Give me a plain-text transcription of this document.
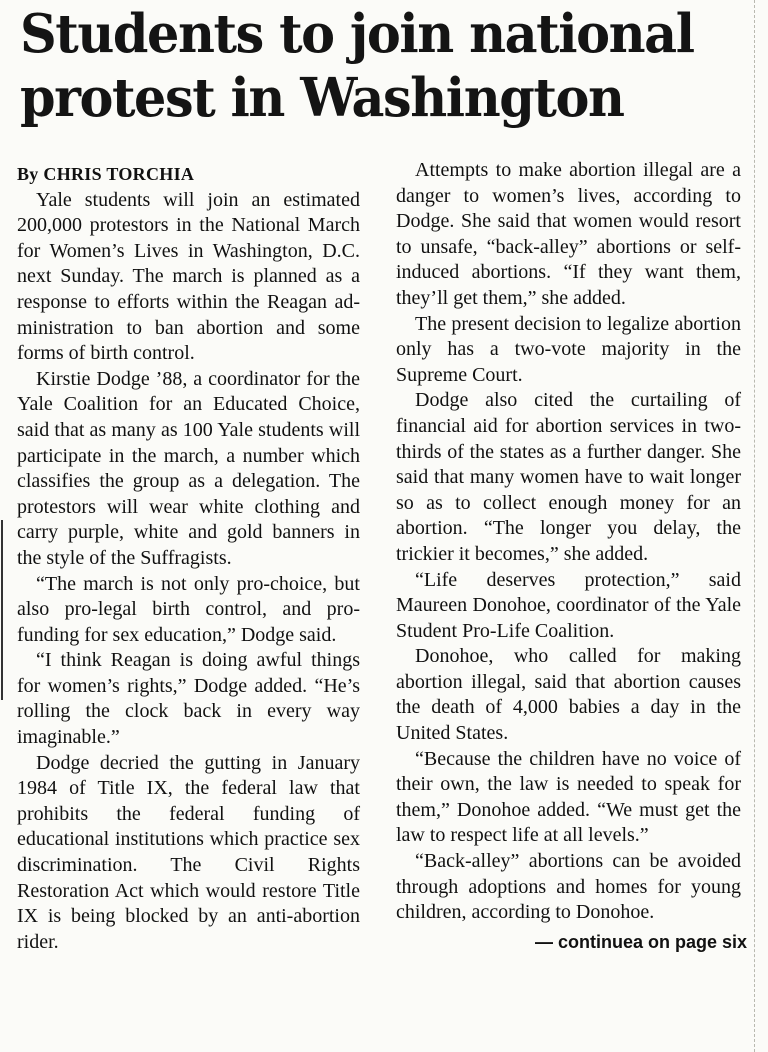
Students to join national
protest in Washington
By CHRIS TORCHIA

Yale students will join an estimated 200,000 protestors in the National March for Women’s Lives in Washington, D.C. next Sunday. The march is planned as a response to efforts within the Reagan administration to ban abortion and some forms of birth control.

Kirstie Dodge ’88, a coordinator for the Yale Coalition for an Educated Choice, said that as many as 100 Yale students will participate in the march, a number which classifies the group as a delegation. The protestors will wear white clothing and carry purple, white and gold banners in the style of the Suffragists.

“The march is not only pro-choice, but also pro-legal birth control, and pro-funding for sex education,” Dodge said.

“I think Reagan is doing awful things for women’s rights,” Dodge added. “He’s rolling the clock back in every way imaginable.”

Dodge decried the gutting in January 1984 of Title IX, the federal law that prohibits the federal funding of educational institutions which practice sex discrimination. The Civil Rights Restoration Act which would restore Title IX is being blocked by an anti-abortion rider.

Attempts to make abortion illegal are a danger to women’s lives, according to Dodge. She said that women would resort to unsafe, “back-alley” abortions or self-induced abortions. “If they want them, they’ll get them,” she added.

The present decision to legalize abortion only has a two-vote majority in the Supreme Court.

Dodge also cited the curtailing of financial aid for abortion services in two-thirds of the states as a further danger. She said that many women have to wait longer so as to collect enough money for an abortion. “The longer you delay, the trickier it becomes,” she added.

“Life deserves protection,” said Maureen Donohoe, coordinator of the Yale Student Pro-Life Coalition.

Donohoe, who called for making abortion illegal, said that abortion causes the death of 4,000 babies a day in the United States.

“Because the children have no voice of their own, the law is needed to speak for them,” Donohoe added. “We must get the law to respect life at all levels.”

“Back-alley” abortions can be avoided through adoptions and homes for young children, according to Donohoe.

— continuea on page six
